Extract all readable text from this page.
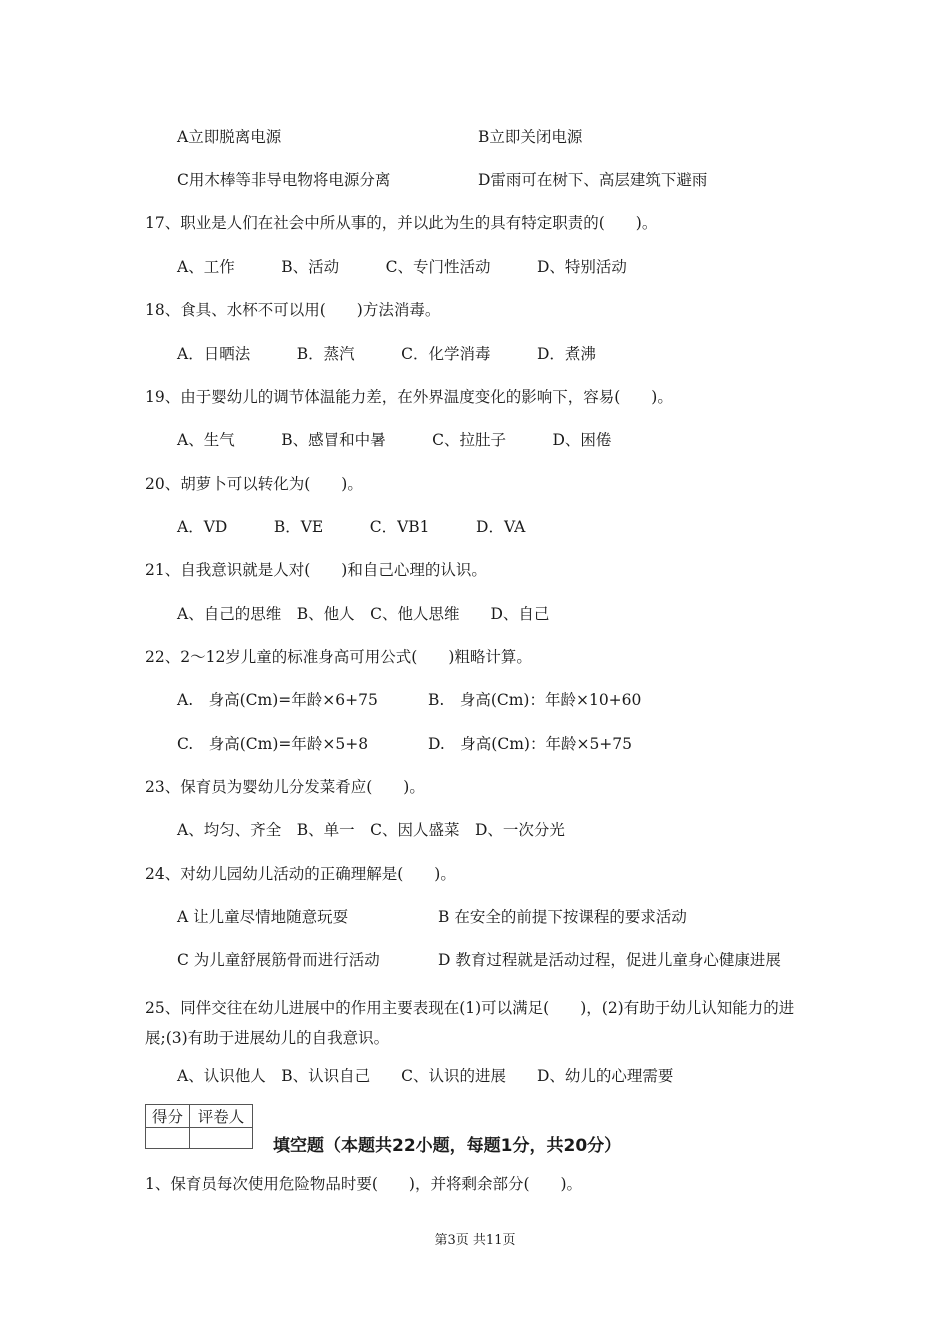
A立即脱离电源	B立即关闭电源
C用木棒等非导电物将电源分离	D雷雨可在树下、高层建筑下避雨
17、职业是人们在社会中所从事的，并以此为生的具有特定职责的(　　)。
A、工作　　　B、活动　　　C、专门性活动　　　D、特别活动
18、食具、水杯不可以用(　　)方法消毒。
A．日晒法　　　B．蒸汽　　　C．化学消毒　　　D．煮沸
19、由于婴幼儿的调节体温能力差，在外界温度变化的影响下，容易(　　)。
A、生气　　　B、感冒和中暑　　　C、拉肚子　　　D、困倦
20、胡萝卜可以转化为(　　)。
A．VD　　　B．VE　　　C．VB1　　　D．VA
21、自我意识就是人对(　　)和自己心理的认识。
A、自己的思维　B、他人　C、他人思维　　D、自己
22、2～12岁儿童的标准身高可用公式(　　)粗略计算。
A.　身高(Cm)=年龄×6+75	B.　身高(Cm)：年龄×10+60
C.　身高(Cm)=年龄×5+8	D.　身高(Cm)：年龄×5+75
23、保育员为婴幼儿分发菜肴应(　　)。
A、均匀、齐全　B、单一　C、因人盛菜　D、一次分光
24、对幼儿园幼儿活动的正确理解是(　　)。
A 让儿童尽情地随意玩耍	B 在安全的前提下按课程的要求活动
C 为儿童舒展筋骨而进行活动	D 教育过程就是活动过程，促进儿童身心健康进展
25、同伴交往在幼儿进展中的作用主要表现在(1)可以满足(　　)，(2)有助于幼儿认知能力的进展;(3)有助于进展幼儿的自我意识。
A、认识他人　B、认识自己　　C、认识的进展　　D、幼儿的心理需要
得分	评卷人

填空题（本题共22小题，每题1分，共20分）
1、保育员每次使用危险物品时要(　　)，并将剩余部分(　　)。
第3页 共11页
